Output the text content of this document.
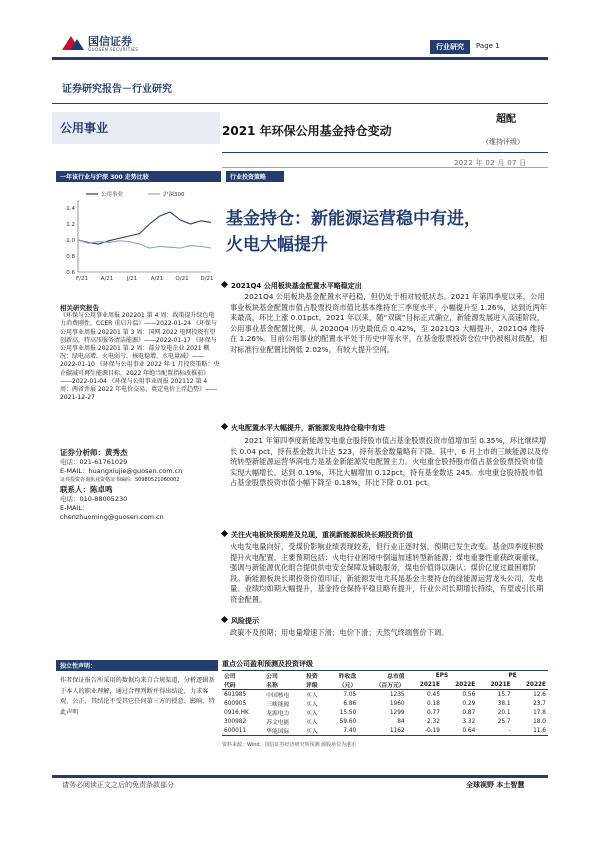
国信证券
GUOSEN SECURITIES	行业研究	Page 1
证券研究报告－行业研究
公用事业	2021 年环保公用基金持仓变动
超配
（维持评级）
2022 年 02 月 07 日
一年该行业与沪深 300 走势比较	行业投资策略
0.6
0.8
1.0
1.2
1.4
F/21 A/21 J/21 A/21 O/21 D/21
公用事业	沪深300
基金持仓：新能源运营稳中有进，
火电大幅提升
相关研究报告
《环保与公用事业周报 202201 第 4 周：政策提升绿色电力消费刚性，CCER 重启升温》——2022-01-24 《环保与公用事业周报 202201 第 3 周：国网 2022 电网投资有望创新高，特高压服务清洁能源》——2022-01-17 《环保与公用事业周报 202201 第 2 周：部分发电企业 2021 概况：绿电高增、火电弱亏、核电稳增、水电量减》——2022-01-10 《环保与公用事业 2022 年 1 月投资策略：央企碳减可再生能源目标，2022 年绝当配置指标改推前》——2022-01-04 《环保与公用事业周报 202112 第 4 周：两省并展 2022 年电价交易，奠定电价上浮趋势》——2021-12-27
证券分析师：黄秀杰
电话：021-61761029
E-MAIL：huangxiujie@guosen.com.cn
证券投资咨询执业资格证书编码：S0980521060002
联系人：陈卓鸣
电话：010-88005230
E-MAIL：
chenzhuoming@guosen.com.cn
2021Q4 公用板块基金配置水平略稳定出
2021Q4 公用板块基金配置水平趋稳，但仍处于相对较低状态。2021 年第四季度以来，公用事业板块基金配置市值占股票投资市值比基本维持在三季度水平，小幅提升至 1.26%，达到近两年来最高，环比上涨 0.01pct。2021 年以来，随“双碳”目标正式确立，新能源发展进入高速阶段，公用事业基金配置比例，从 2020Q4 历史最低点 0.42%，至 2021Q3 大幅提升，2021Q4 维持在 1.26%。目前公用事业的配置水平处于历史中等水平，在基金股票投资仓位中仍被相对低配，相对标准行业配置比例低 2.02%，有较大提升空间。
火电配置水平大幅提升，新能源发电持仓稳中有进
2021 年第四季度新能源发电重仓股持股市值占基金股票投资市值增加至 0.35%，环比继续增长 0.04 pct，持有基金数共计达 523，持有基金数量略有下降。其中，6 月上市的三峡能源以及传统转型新能源运营华润电力是基金新能源发电配置主力。火电重仓股持股市值占基金股票投资市值实现大幅增长，达到 0.19%，环比大幅增加 0.12pct，持有基金数达 245。水电重仓股持股市值占基金股票投资市值小幅下降至 0.18%，环比下降 0.01 pct。
关注火电板块预期差及兑现，重视新能源板块长期投资价值
火电发电量向好，受煤价影响业绩表现较差，但行业正逐时刻，预期已发生改变。基金四季度积极提升火电配置。主要预期包括：火电行业困境中倒逼加速转型新能源；煤电重要性重获政策重视，强调与新能源优化组合提供供电安全保障及辅助服务，煤电价值得以确认；煤价亿度过最困难阶段。新能源板块长期投资价值印证，新能源发电尤其是基金主要持仓的绿能源运营龙头公司，发电量、业绩均如期大幅提升，基金持仓保持平稳且略有提升，行业公司长期增长持续，有望或引长期资金配置。
风险提示
政策不及预期；用电量增速下滑；电价下滑；天然气终端售价下调。
独立性声明：
作者保证报告所采用的数据均来自合规渠道，分析逻辑基于本人的职业理解，通过合理判断并得出结论，力求客观、公正，其结论不受其它任何第三方的授意、影响，特此声明
重点公司盈利预测及投资评级
公司	公司	投资	昨收盘	总市值	EPS		PE	
代码	名称	评级	（元）	（百万元）	2021E	2022E	2021E	2022E
601985	中国核电	买入	7.05	1235	0.45	0.56	15.7	12.6
600905	三峡能源	买入	6.86	1960	0.18	0.29	38.1	23.7
0916.HK	龙源电力	买入	15.50	1299	0.77	0.87	20.1	17.8
300982	苏文电能	买入	59.60	84	2.32	3.32	25.7	18.0
600011	华能国际	买入	7.40	1162	-0.19	0.64	-	11.6
资料来源：Wind、国信证券经济研究所预测 源股单位为港币
请务必阅读正文之后的免责条款部分	全球视野 本土智慧
